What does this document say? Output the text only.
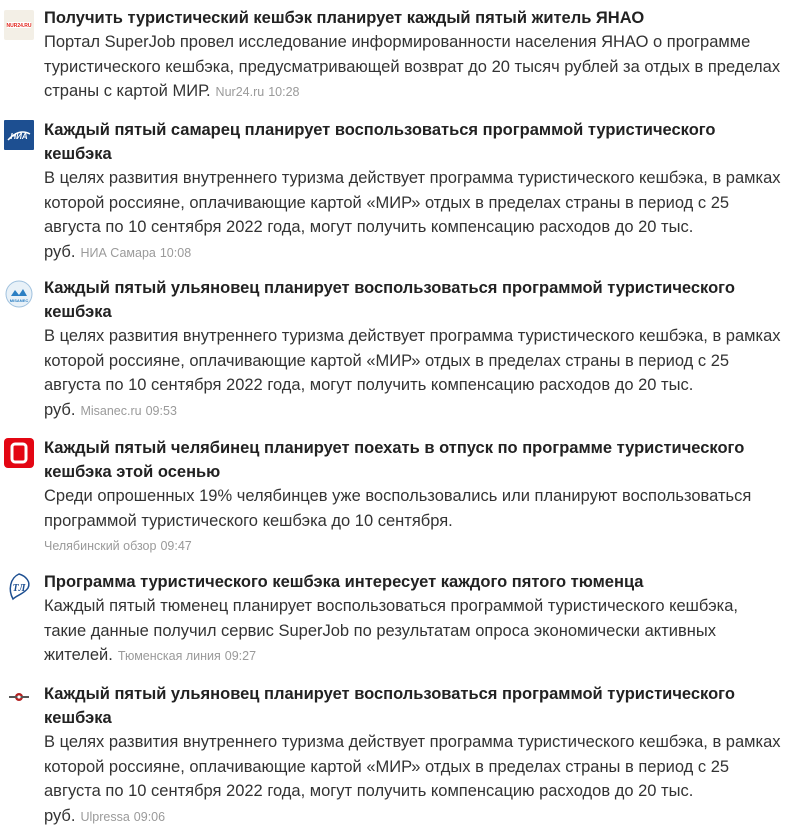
NUR24.RU Получить туристический кешбэк планирует каждый пятый житель ЯНАО
Портал SuperJob провел исследование информированности населения ЯНАО о программе туристического кешбэка, предусматривающей возврат до 20 тысяч рублей за отдых в пределах страны с картой МИР. Nur24.ru 10:28
НИА Каждый пятый самарец планирует воспользоваться программой туристического кешбэка
В целях развития внутреннего туризма действует программа туристического кешбэка, в рамках которой россияне, оплачивающие картой «МИР» отдых в пределах страны в период с 25 августа по 10 сентября 2022 года, могут получить компенсацию расходов до 20 тыс. руб. НИА Самара 10:08
MISANEC
Каждый пятый ульяновец планирует воспользоваться программой туристического кешбэка
В целях развития внутреннего туризма действует программа туристического кешбэка, в рамках которой россияне, оплачивающие картой «МИР» отдых в пределах страны в период с 25 августа по 10 сентября 2022 года, могут получить компенсацию расходов до 20 тыс. руб. Misanec.ru 09:53
Каждый пятый челябинец планирует поехать в отпуск по программе туристического кешбэка этой осенью
Среди опрошенных 19% челябинцев уже воспользовались или планируют воспользоваться программой туристического кешбэка до 10 сентября.
Челябинский обзор 09:47
ТЛ Программа туристического кешбэка интересует каждого пятого тюменца
Каждый пятый тюменец планирует воспользоваться программой туристического кешбэка, такие данные получил сервис SuperJob по результатам опроса экономически активных жителей. Тюменская линия 09:27
Каждый пятый ульяновец планирует воспользоваться программой туристического кешбэка
В целях развития внутреннего туризма действует программа туристического кешбэка, в рамках которой россияне, оплачивающие картой «МИР» отдых в пределах страны в период с 25 августа по 10 сентября 2022 года, могут получить компенсацию расходов до 20 тыс. руб. Ulpressa 09:06
